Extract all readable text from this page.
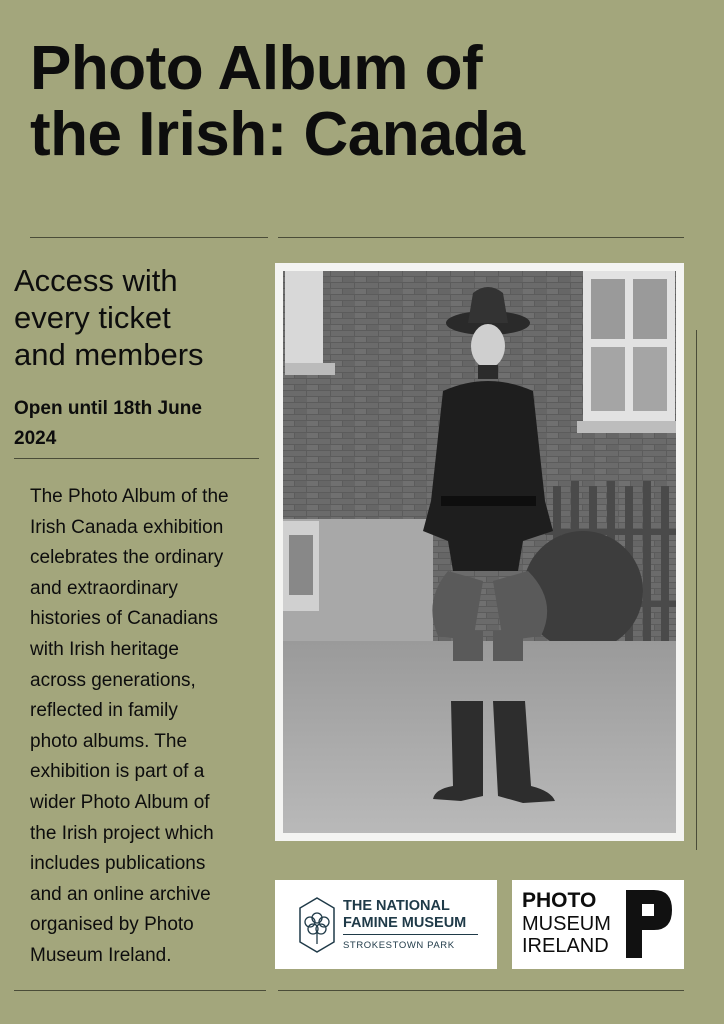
Photo Album of
the Irish: Canada
Access with
every ticket
and members
Open until 18th June
2024
The Photo Album of the
Irish Canada exhibition
celebrates the ordinary
and extraordinary
histories of Canadians
with Irish heritage
across generations,
reflected in family
photo albums. The
exhibition is part of a
wider Photo Album of
the Irish project which
includes publications
and an online archive
organised by Photo
Museum Ireland.
THE NATIONAL
FAMINE MUSEUM
STROKESTOWN PARK
PHOTO
MUSEUM
IRELAND
